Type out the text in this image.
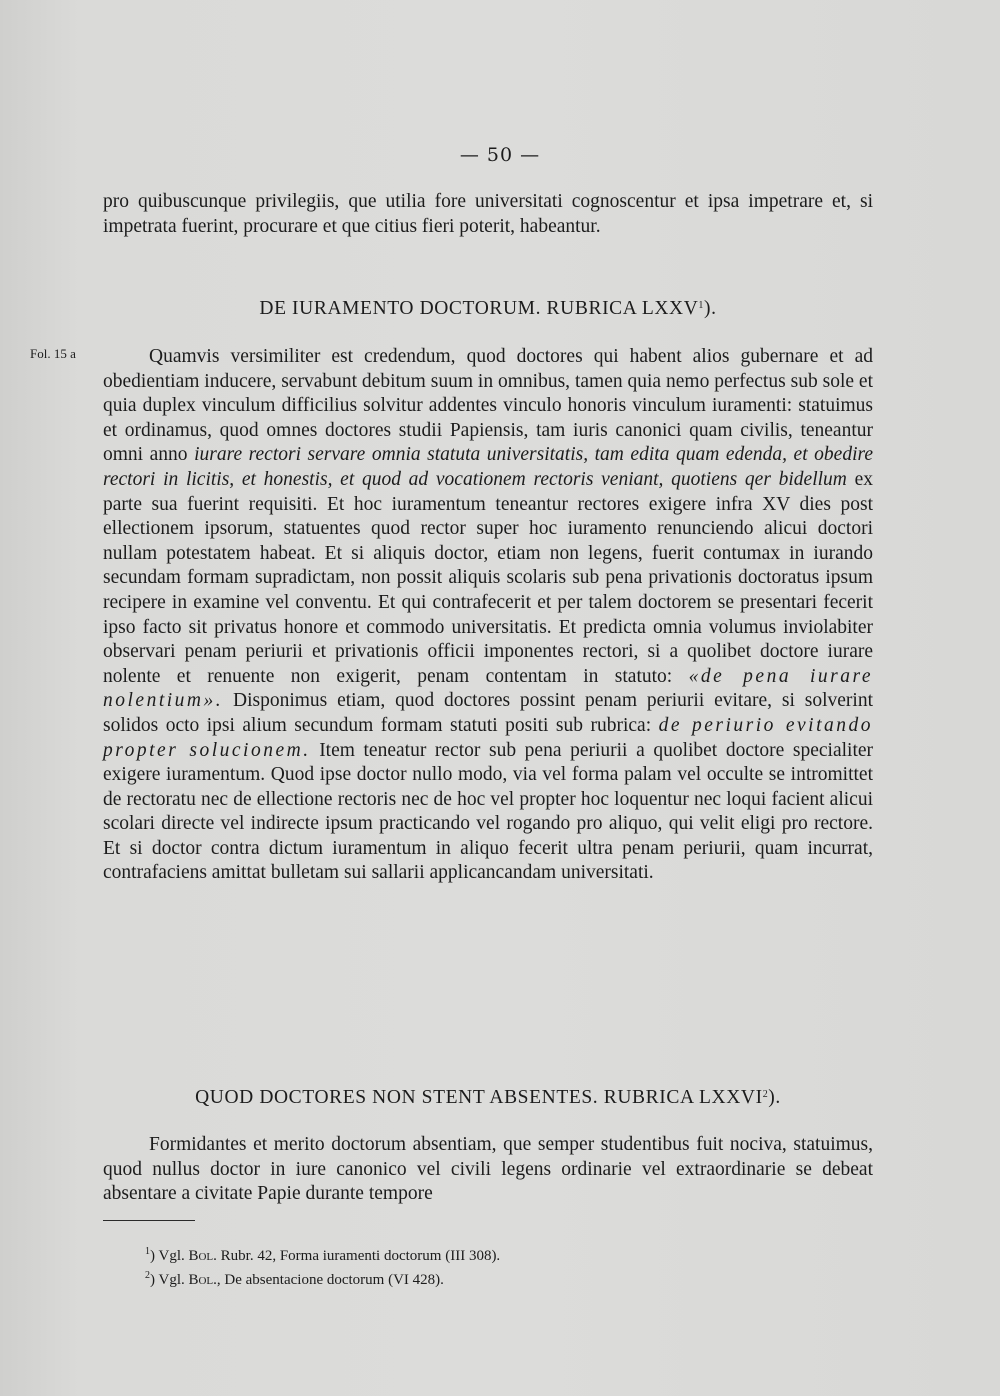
— 50 —

pro quibuscunque privilegiis, que utilia fore universitati cognoscentur et ipsa impetrare et, si impetrata fuerint, procurare et que citius fieri poterit, habeantur.

DE IURAMENTO DOCTORUM. RUBRICA LXXV$^1$).
Fol. 15 a	Quamvis versimiliter est credendum, quod doctores qui habent alios gubernare et ad obedientiam inducere, servabunt debitum suum in omnibus, tamen quia nemo perfectus sub sole et quia duplex vinculum difficilius solvitur addentes vinculo honoris vinculum iuramenti: statuimus et ordinamus, quod omnes doctores studii Papiensis, tam iuris canonici quam civilis, teneantur omni anno iurare rectori servare omnia statuta universitatis, tam edita quam edenda, et obedire rectori in licitis, et honestis, et quod ad vocationem rectoris veniant, quotiens qer bidellum ex parte sua fuerint requisiti. Et hoc iuramentum teneantur rectores exigere infra XV dies post ellectionem ipsorum, statuentes quod rector super hoc iuramento renunciendo alicui doctori nullam potestatem habeat. Et si aliquis doctor, etiam non legens, fuerit contumax in iurando secundam formam supradictam, non possit aliquis scolaris sub pena privationis doctoratus ipsum recipere in examine vel conventu. Et qui contrafecerit et per talem doctorem se presentari fecerit ipso facto sit privatus honore et commodo universitatis. Et predicta omnia volumus inviolabiter observari penam periurii et privationis officii imponentes rectori, si a quolibet doctore iurare nolente et renuente non exigerit, penam contentam in statuto: «de pena iurare nolentium». Disponimus etiam, quod doctores possint penam periurii evitare, si solverint solidos octo ipsi alium secundum formam statuti positi sub rubrica: de periurio evitando propter solucionem. Item teneatur rector sub pena periurii a quolibet doctore specialiter exigere iuramentum. Quod ipse doctor nullo modo, via vel forma palam vel occulte se intromittet de rectoratu nec de ellectione rectoris nec de hoc vel propter hoc loquentur nec loqui facient alicui scolari directe vel indirecte ipsum practicando vel rogando pro aliquo, qui velit eligi pro rectore. Et si doctor contra dictum iuramentum in aliquo fecerit ultra penam periurii, quam incurrat, contrafaciens amittat bulletam sui sallarii applicancandam universitati.

QUOD DOCTORES NON STENT ABSENTES. RUBRICA LXXVI$^2$).

Formidantes et merito doctorum absentiam, que semper studentibus fuit nociva, statuimus, quod nullus doctor in iure canonico vel civili legens ordinarie vel extraordinarie se debeat absentare a civitate Papie durante tempore

$^1$) Vgl. Bol. Rubr. 42, Forma iuramenti doctorum (III 308).
$^2$) Vgl. Bol., De absentacione doctorum (VI 428).
